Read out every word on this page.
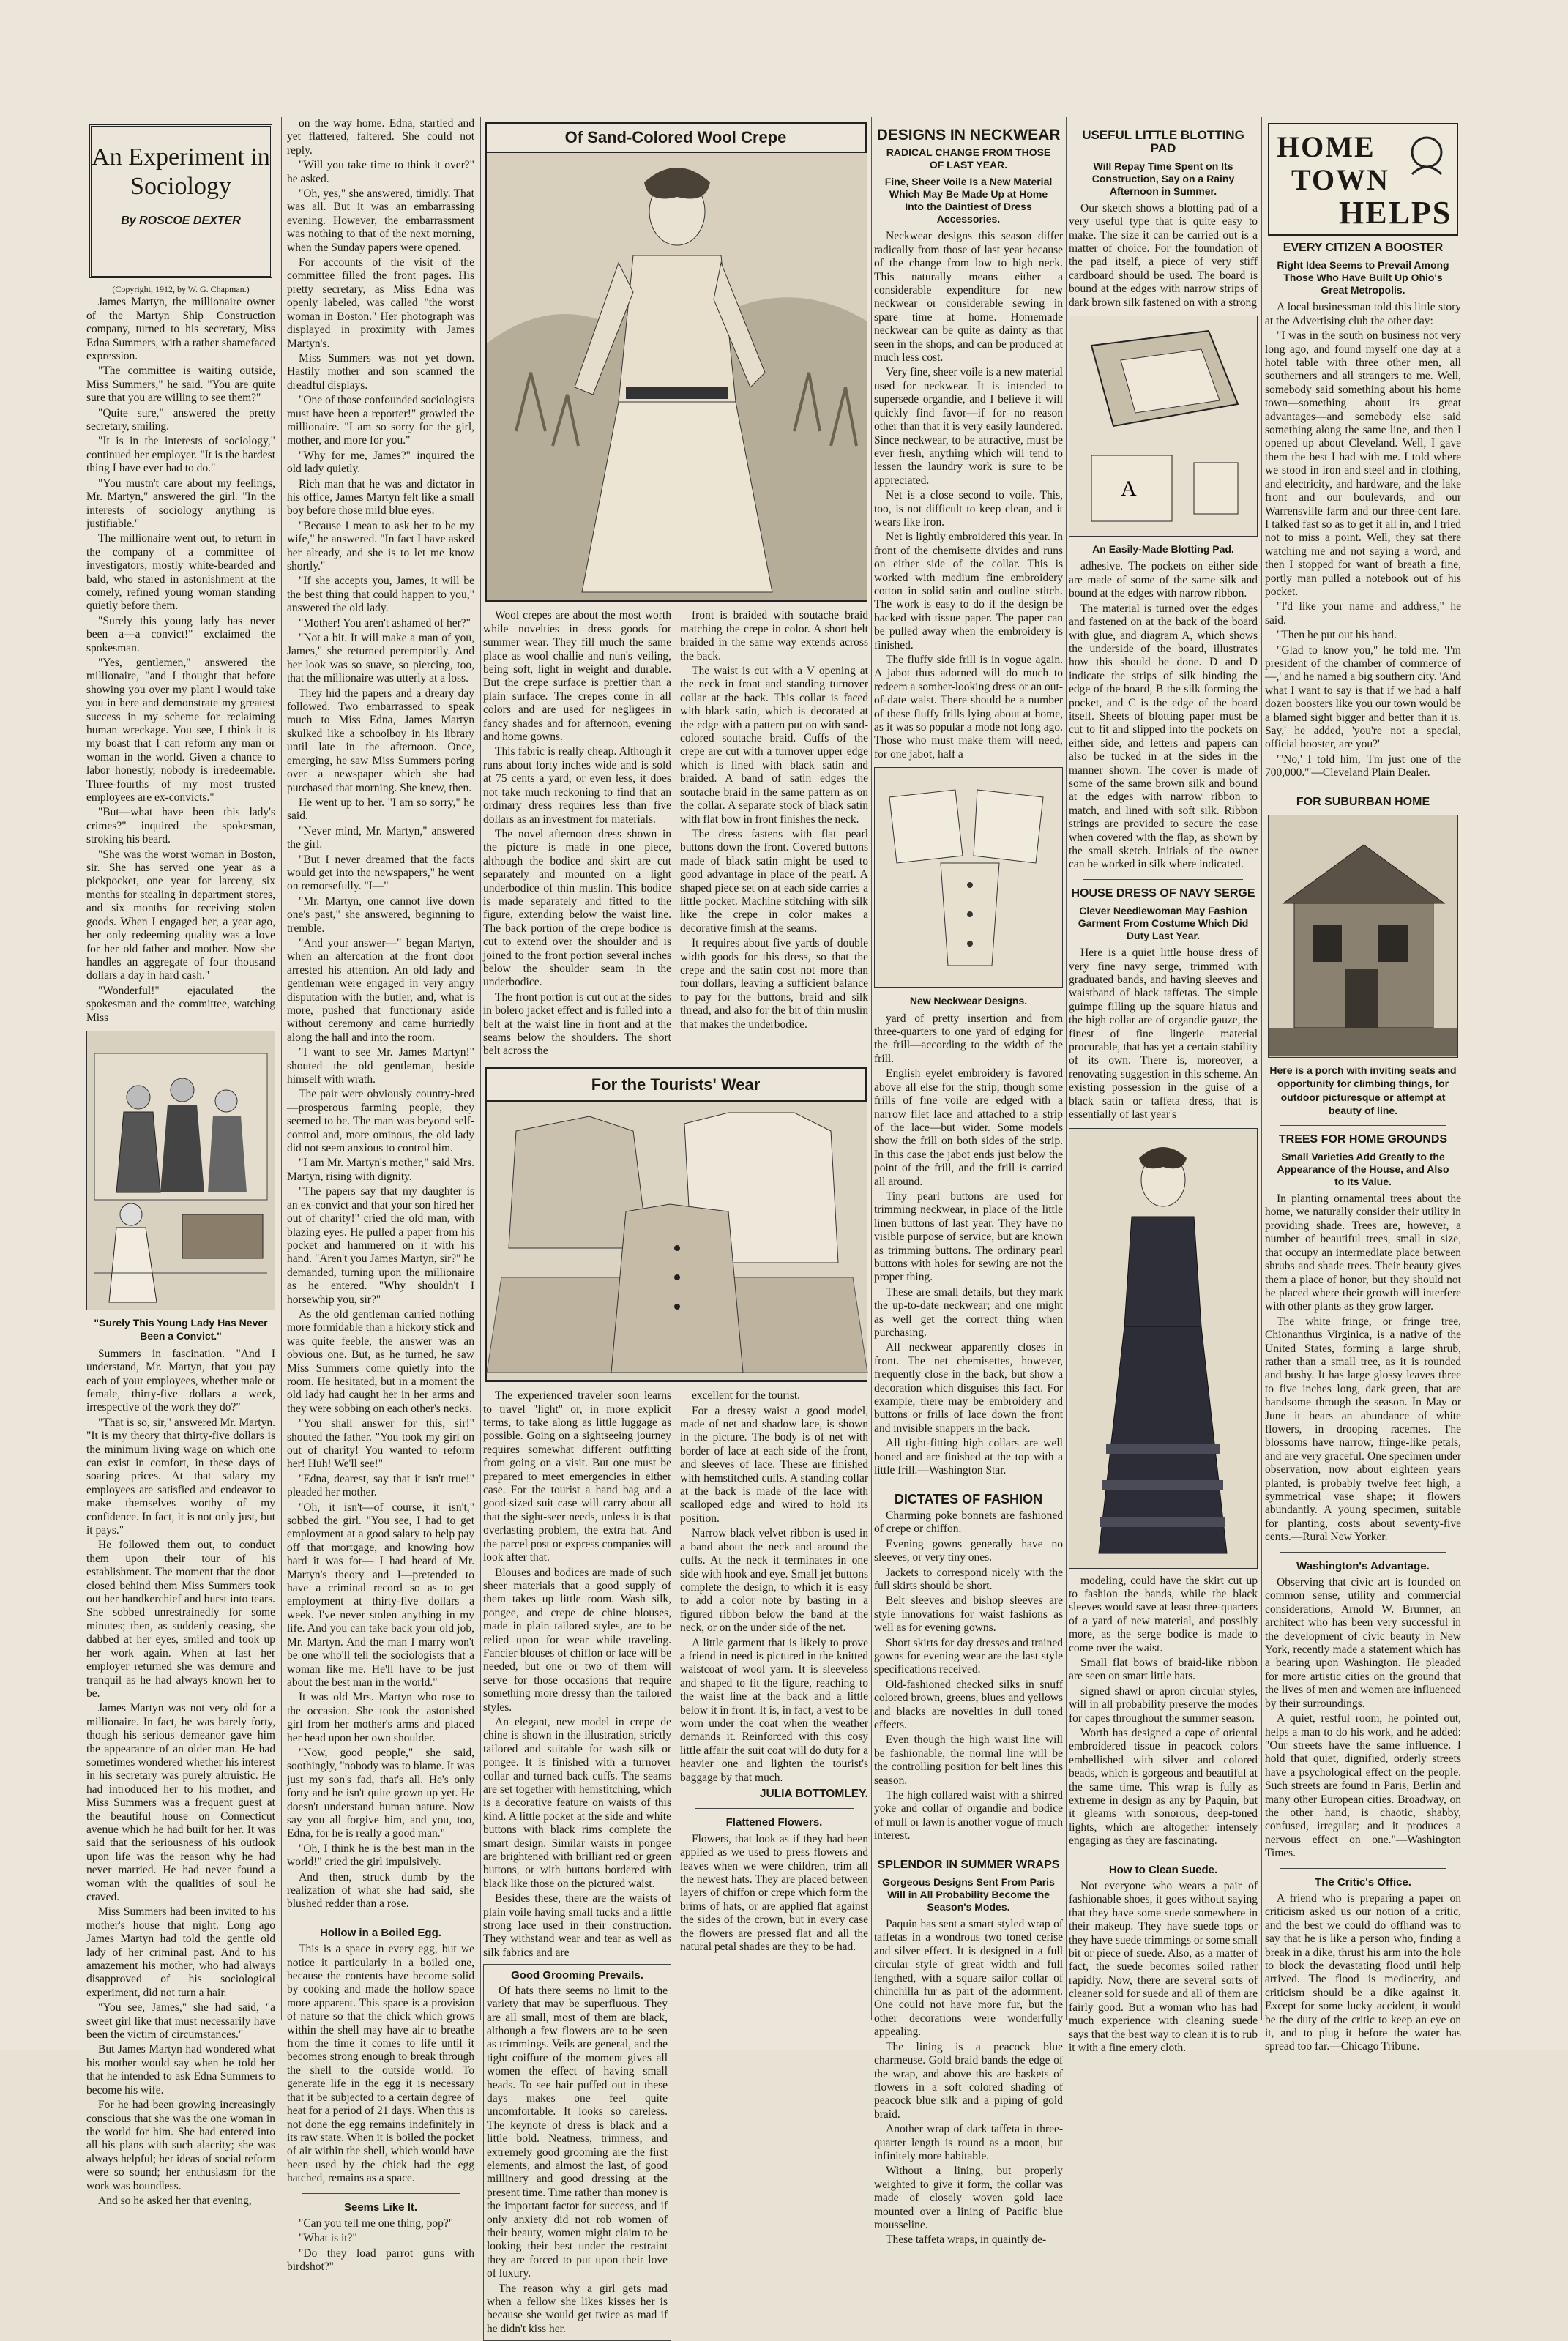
An Experiment in Sociology
By ROSCOE DEXTER
(Copyright, 1912, by W. G. Chapman.)

James Martyn, the millionaire owner of the Martyn Ship Construction company, turned to his secretary, Miss Edna Summers, with a rather shamefaced expression.

"The committee is waiting outside, Miss Summers," he said. "You are quite sure that you are willing to see them?"

"Quite sure," answered the pretty secretary, smiling.

"It is in the interests of sociology," continued her employer. "It is the hardest thing I have ever had to do."

"You mustn't care about my feelings, Mr. Martyn," answered the girl. "In the interests of sociology anything is justifiable."

The millionaire went out, to return in the company of a committee of investigators, mostly white-bearded and bald, who stared in astonishment at the comely, refined young woman standing quietly before them.

"Surely this young lady has never been a—a convict!" exclaimed the spokesman.

"Yes, gentlemen," answered the millionaire, "and I thought that before showing you over my plant I would take you in here and demonstrate my greatest success in my scheme for reclaiming human wreckage. You see, I think it is my boast that I can reform any man or woman in the world. Given a chance to labor honestly, nobody is irredeemable. Three-fourths of my most trusted employees are ex-convicts."

"But—what have been this lady's crimes?" inquired the spokesman, stroking his beard.

"She was the worst woman in Boston, sir. She has served one year as a pickpocket, one year for larceny, six months for stealing in department stores, and six months for receiving stolen goods. When I engaged her, a year ago, her only redeeming quality was a love for her old father and mother. Now she handles an aggregate of four thousand dollars a day in hard cash."

"Wonderful!" ejaculated the spokesman and the committee, watching Miss

"Surely This Young Lady Has Never Been a Convict."

Summers in fascination. "And I understand, Mr. Martyn, that you pay each of your employees, whether male or female, thirty-five dollars a week, irrespective of the work they do?"

"That is so, sir," answered Mr. Martyn. "It is my theory that thirty-five dollars is the minimum living wage on which one can exist in comfort, in these days of soaring prices. At that salary my employees are satisfied and endeavor to make themselves worthy of my confidence. In fact, it is not only just, but it pays."

He followed them out, to conduct them upon their tour of his establishment. The moment that the door closed behind them Miss Summers took out her handkerchief and burst into tears. She sobbed unrestrainedly for some minutes; then, as suddenly ceasing, she dabbed at her eyes, smiled and took up her work again. When at last her employer returned she was demure and tranquil as he had always known her to be.

James Martyn was not very old for a millionaire. In fact, he was barely forty, though his serious demeanor gave him the appearance of an older man. He had sometimes wondered whether his interest in his secretary was purely altruistic. He had introduced her to his mother, and Miss Summers was a frequent guest at the beautiful house on Connecticut avenue which he had built for her. It was said that the seriousness of his outlook upon life was the reason why he had never married. He had never found a woman with the qualities of soul he craved.

Miss Summers had been invited to his mother's house that night. Long ago James Martyn had told the gentle old lady of her criminal past. And to his amazement his mother, who had always disapproved of his sociological experiment, did not turn a hair.

"You see, James," she had said, "a sweet girl like that must necessarily have been the victim of circumstances."

But James Martyn had wondered what his mother would say when he told her that he intended to ask Edna Summers to become his wife.

For he had been growing increasingly conscious that she was the one woman in the world for him. She had entered into all his plans with such alacrity; she was always helpful; her ideas of social reform were so sound; her enthusiasm for the work was boundless.

And so he asked her that evening,

on the way home. Edna, startled and yet flattered, faltered. She could not reply.

"Will you take time to think it over?" he asked.

"Oh, yes," she answered, timidly. That was all. But it was an embarrassing evening. However, the embarrassment was nothing to that of the next morning, when the Sunday papers were opened.

For accounts of the visit of the committee filled the front pages. His pretty secretary, as Miss Edna was openly labeled, was called "the worst woman in Boston." Her photograph was displayed in proximity with James Martyn's.

Miss Summers was not yet down. Hastily mother and son scanned the dreadful displays.

"One of those confounded sociologists must have been a reporter!" growled the millionaire. "I am so sorry for the girl, mother, and more for you."

"Why for me, James?" inquired the old lady quietly.

Rich man that he was and dictator in his office, James Martyn felt like a small boy before those mild blue eyes.

"Because I mean to ask her to be my wife," he answered. "In fact I have asked her already, and she is to let me know shortly."

"If she accepts you, James, it will be the best thing that could happen to you," answered the old lady.

"Mother! You aren't ashamed of her?"

"Not a bit. It will make a man of you, James," she returned peremptorily. And her look was so suave, so piercing, too, that the millionaire was utterly at a loss.

They hid the papers and a dreary day followed. Two embarrassed to speak much to Miss Edna, James Martyn skulked like a schoolboy in his library until late in the afternoon. Once, emerging, he saw Miss Summers poring over a newspaper which she had purchased that morning. She knew, then.

He went up to her. "I am so sorry," he said.

"Never mind, Mr. Martyn," answered the girl.

"But I never dreamed that the facts would get into the newspapers," he went on remorsefully. "I—"

"Mr. Martyn, one cannot live down one's past," she answered, beginning to tremble.

"And your answer—" began Martyn, when an altercation at the front door arrested his attention. An old lady and gentleman were engaged in very angry disputation with the butler, and, what is more, pushed that functionary aside without ceremony and came hurriedly along the hall and into the room.

"I want to see Mr. James Martyn!" shouted the old gentleman, beside himself with wrath.

The pair were obviously country-bred—prosperous farming people, they seemed to be. The man was beyond self-control and, more ominous, the old lady did not seem anxious to control him.

"I am Mr. Martyn's mother," said Mrs. Martyn, rising with dignity.

"The papers say that my daughter is an ex-convict and that your son hired her out of charity!" cried the old man, with blazing eyes. He pulled a paper from his pocket and hammered on it with his hand. "Aren't you James Martyn, sir?" he demanded, turning upon the millionaire as he entered. "Why shouldn't I horsewhip you, sir?"

As the old gentleman carried nothing more formidable than a hickory stick and was quite feeble, the answer was an obvious one. But, as he turned, he saw Miss Summers come quietly into the room. He hesitated, but in a moment the old lady had caught her in her arms and they were sobbing on each other's necks.

"You shall answer for this, sir!" shouted the father. "You took my girl on out of charity! You wanted to reform her! Huh! We'll see!"

"Edna, dearest, say that it isn't true!" pleaded her mother.

"Oh, it isn't—of course, it isn't," sobbed the girl. "You see, I had to get employment at a good salary to help pay off that mortgage, and knowing how hard it was for— I had heard of Mr. Martyn's theory and I—pretended to have a criminal record so as to get employment at thirty-five dollars a week. I've never stolen anything in my life. And you can take back your old job, Mr. Martyn. And the man I marry won't be one who'll tell the sociologists that a woman like me. He'll have to be just about the best man in the world."

It was old Mrs. Martyn who rose to the occasion. She took the astonished girl from her mother's arms and placed her head upon her own shoulder.

"Now, good people," she said, soothingly, "nobody was to blame. It was just my son's fad, that's all. He's only forty and he isn't quite grown up yet. He doesn't understand human nature. Now say you all forgive him, and you, too, Edna, for he is really a good man."

"Oh, I think he is the best man in the world!" cried the girl impulsively.

And then, struck dumb by the realization of what she had said, she blushed redder than a rose.

Hollow in a Boiled Egg.

This is a space in every egg, but we notice it particularly in a boiled one, because the contents have become solid by cooking and made the hollow space more apparent. This space is a provision of nature so that the chick which grows within the shell may have air to breathe from the time it comes to life until it becomes strong enough to break through the shell to the outside world. To generate life in the egg it is necessary that it be subjected to a certain degree of heat for a period of 21 days. When this is not done the egg remains indefinitely in its raw state. When it is boiled the pocket of air within the shell, which would have been used by the chick had the egg hatched, remains as a space.

Seems Like It.

"Can you tell me one thing, pop?"

"What is it?"

"Do they load parrot guns with birdshot?"

Of Sand-Colored Wool Crepe

Wool crepes are about the most worth while novelties in dress goods for summer wear. They fill much the same place as wool challie and nun's veiling, being soft, light in weight and durable. But the crepe surface is prettier than a plain surface. The crepes come in all colors and are used for negligees in fancy shades and for afternoon, evening and home gowns.

This fabric is really cheap. Although it runs about forty inches wide and is sold at 75 cents a yard, or even less, it does not take much reckoning to find that an ordinary dress requires less than five dollars as an investment for materials.

The novel afternoon dress shown in the picture is made in one piece, although the bodice and skirt are cut separately and mounted on a light underbodice of thin muslin. This bodice is made separately and fitted to the figure, extending below the waist line. The back portion of the crepe bodice is cut to extend over the shoulder and is joined to the front portion several inches below the shoulder seam in the underbodice.

The front portion is cut out at the sides in bolero jacket effect and is fulled into a belt at the waist line in front and at the seams below the shoulders. The short belt across the

front is braided with soutache braid matching the crepe in color. A short belt braided in the same way extends across the back.

The waist is cut with a V opening at the neck in front and standing turnover collar at the back. This collar is faced with black satin, which is decorated at the edge with a pattern put on with sand-colored soutache braid. Cuffs of the crepe are cut with a turnover upper edge which is lined with black satin and braided. A band of satin edges the soutache braid in the same pattern as on the collar. A separate stock of black satin with flat bow in front finishes the neck.

The dress fastens with flat pearl buttons down the front. Covered buttons made of black satin might be used to good advantage in place of the pearl. A shaped piece set on at each side carries a little pocket. Machine stitching with silk like the crepe in color makes a decorative finish at the seams.

It requires about five yards of double width goods for this dress, so that the crepe and the satin cost not more than four dollars, leaving a sufficient balance to pay for the buttons, braid and silk thread, and also for the bit of thin muslin that makes the underbodice.

For the Tourists' Wear

The experienced traveler soon learns to travel "light" or, in more explicit terms, to take along as little luggage as possible. Going on a sightseeing journey requires somewhat different outfitting from going on a visit. But one must be prepared to meet emergencies in either case. For the tourist a hand bag and a good-sized suit case will carry about all that the sight-seer needs, unless it is that overlasting problem, the extra hat. And the parcel post or express companies will look after that.

Blouses and bodices are made of such sheer materials that a good supply of them takes up little room. Wash silk, pongee, and crepe de chine blouses, made in plain tailored styles, are to be relied upon for wear while traveling. Fancier blouses of chiffon or lace will be needed, but one or two of them will serve for those occasions that require something more dressy than the tailored styles.

An elegant, new model in crepe de chine is shown in the illustration, strictly tailored and suitable for wash silk or pongee. It is finished with a turnover collar and turned back cuffs. The seams are set together with hemstitching, which is a decorative feature on waists of this kind. A little pocket at the side and white buttons with black rims complete the smart design. Similar waists in pongee are brightened with brilliant red or green buttons, or with buttons bordered with black like those on the pictured waist.

Besides these, there are the waists of plain voile having small tucks and a little strong lace used in their construction. They withstand wear and tear as well as silk fabrics and are

Good Grooming Prevails.

Of hats there seems no limit to the variety that may be superfluous. They are all small, most of them are black, although a few flowers are to be seen as trimmings. Veils are general, and the tight coiffure of the moment gives all women the effect of having small heads. To see hair puffed out in these days makes one feel quite uncomfortable. It looks so careless. The keynote of dress is black and a little bold. Neatness, trimness, and extremely good grooming are the first elements, and almost the last, of good millinery and good dressing at the present time. Time rather than money is the important factor for success, and if only anxiety did not rob women of their beauty, women might claim to be looking their best under the restraint they are forced to put upon their love of luxury.

The reason why a girl gets mad when a fellow she likes kisses her is because she would get twice as mad if he didn't kiss her.

excellent for the tourist.

For a dressy waist a good model, made of net and shadow lace, is shown in the picture. The body is of net with border of lace at each side of the front, and sleeves of lace. These are finished with hemstitched cuffs. A standing collar at the back is made of the lace with scalloped edge and wired to hold its position.

Narrow black velvet ribbon is used in a band about the neck and around the cuffs. At the neck it terminates in one side with hook and eye. Small jet buttons complete the design, to which it is easy to add a color note by basting in a figured ribbon below the band at the neck, or on the under side of the net.

A little garment that is likely to prove a friend in need is pictured in the knitted waistcoat of wool yarn. It is sleeveless and shaped to fit the figure, reaching to the waist line at the back and a little below it in front. It is, in fact, a vest to be worn under the coat when the weather demands it. Reinforced with this cosy little affair the suit coat will do duty for a heavier one and lighten the tourist's baggage by that much.

JULIA BOTTOMLEY.
Flattened Flowers.

Flowers, that look as if they had been applied as we used to press flowers and leaves when we were children, trim all the newest hats. They are placed between layers of chiffon or crepe which form the brims of hats, or are applied flat against the sides of the crown, but in every case the flowers are pressed flat and all the natural petal shades are they to be had.

DESIGNS IN NECKWEAR
RADICAL CHANGE FROM THOSE OF LAST YEAR.
Fine, Sheer Voile Is a New Material Which May Be Made Up at Home Into the Daintiest of Dress Accessories.

Neckwear designs this season differ radically from those of last year because of the change from low to high neck. This naturally means either a considerable expenditure for new neckwear or considerable sewing in spare time at home. Homemade neckwear can be quite as dainty as that seen in the shops, and can be produced at much less cost.

Very fine, sheer voile is a new material used for neckwear. It is intended to supersede organdie, and I believe it will quickly find favor—if for no reason other than that it is very easily laundered. Since neckwear, to be attractive, must be ever fresh, anything which will tend to lessen the laundry work is sure to be appreciated.

Net is a close second to voile. This, too, is not difficult to keep clean, and it wears like iron.

Net is lightly embroidered this year. In front of the chemisette divides and runs on either side of the collar. This is worked with medium fine embroidery cotton in solid satin and outline stitch. The work is easy to do if the design be backed with tissue paper. The paper can be pulled away when the embroidery is finished.

The fluffy side frill is in vogue again. A jabot thus adorned will do much to redeem a somber-looking dress or an out-of-date waist. There should be a number of these fluffy frills lying about at home, as it was so popular a mode not long ago. Those who must make them will need, for one jabot, half a

New Neckwear Designs.

yard of pretty insertion and from three-quarters to one yard of edging for the frill—according to the width of the frill.

English eyelet embroidery is favored above all else for the strip, though some frills of fine voile are edged with a narrow filet lace and attached to a strip of the lace—but wider. Some models show the frill on both sides of the strip. In this case the jabot ends just below the point of the frill, and the frill is carried all around.

Tiny pearl buttons are used for trimming neckwear, in place of the little linen buttons of last year. They have no visible purpose of service, but are known as trimming buttons. The ordinary pearl buttons with holes for sewing are not the proper thing.

These are small details, but they mark the up-to-date neckwear; and one might as well get the correct thing when purchasing.

All neckwear apparently closes in front. The net chemisettes, however, frequently close in the back, but show a decoration which disguises this fact. For example, there may be embroidery and buttons or frills of lace down the front and invisible snappers in the back.

All tight-fitting high collars are well boned and are finished at the top with a little frill.—Washington Star.

DICTATES OF FASHION

Charming poke bonnets are fashioned of crepe or chiffon.

Evening gowns generally have no sleeves, or very tiny ones.

Jackets to correspond nicely with the full skirts should be short.

Belt sleeves and bishop sleeves are style innovations for waist fashions as well as for evening gowns.

Short skirts for day dresses and trained gowns for evening wear are the last style specifications received.

Old-fashioned checked silks in snuff colored brown, greens, blues and yellows and blacks are novelties in dull toned effects.

Even though the high waist line will be fashionable, the normal line will be the controlling position for belt lines this season.

The high collared waist with a shirred yoke and collar of organdie and bodice of mull or lawn is another vogue of much interest.

SPLENDOR IN SUMMER WRAPS
Gorgeous Designs Sent From Paris Will in All Probability Become the Season's Modes.

Paquin has sent a smart styled wrap of taffetas in a wondrous two toned cerise and silver effect. It is designed in a full circular style of great width and full lengthed, with a square sailor collar of chinchilla fur as part of the adornment. One could not have more fur, but the other decorations were wonderfully appealing.

The lining is a peacock blue charmeuse. Gold braid bands the edge of the wrap, and above this are baskets of flowers in a soft colored shading of peacock blue silk and a piping of gold braid.

Another wrap of dark taffeta in three-quarter length is round as a moon, but infinitely more habitable.

Without a lining, but properly weighted to give it form, the collar was made of closely woven gold lace mounted over a lining of Pacific blue mousseline.

These taffeta wraps, in quaintly de-

USEFUL LITTLE BLOTTING PAD
Will Repay Time Spent on Its Construction, Say on a Rainy Afternoon in Summer.

Our sketch shows a blotting pad of a very useful type that is quite easy to make. The size it can be carried out is a matter of choice. For the foundation of the pad itself, a piece of very stiff cardboard should be used. The board is bound at the edges with narrow strips of dark brown silk fastened on with a strong

A
An Easily-Made Blotting Pad.

adhesive. The pockets on either side are made of some of the same silk and bound at the edges with narrow ribbon.

The material is turned over the edges and fastened on at the back of the board with glue, and diagram A, which shows the underside of the board, illustrates how this should be done. D and D indicate the strips of silk binding the edge of the board, B the silk forming the pocket, and C is the edge of the board itself. Sheets of blotting paper must be cut to fit and slipped into the pockets on either side, and letters and papers can also be tucked in at the sides in the manner shown. The cover is made of some of the same brown silk and bound at the edges with narrow ribbon to match, and lined with soft silk. Ribbon strings are provided to secure the case when covered with the flap, as shown by the small sketch. Initials of the owner can be worked in silk where indicated.

HOUSE DRESS OF NAVY SERGE
Clever Needlewoman May Fashion Garment From Costume Which Did Duty Last Year.

Here is a quiet little house dress of very fine navy serge, trimmed with graduated bands, and having sleeves and waistband of black taffetas. The simple guimpe filling up the square hiatus and the high collar are of organdie gauze, the finest of fine lingerie material procurable, that has yet a certain stability of its own. There is, moreover, a renovating suggestion in this scheme. An existing possession in the guise of a black satin or taffeta dress, that is essentially of last year's

modeling, could have the skirt cut up to fashion the bands, while the black sleeves would save at least three-quarters of a yard of new material, and possibly more, as the serge bodice is made to come over the waist.

Small flat bows of braid-like ribbon are seen on smart little hats.

signed shawl or apron circular styles, will in all probability preserve the modes for capes throughout the summer season.

Worth has designed a cape of oriental embroidered tissue in peacock colors embellished with silver and colored beads, which is gorgeous and beautiful at the same time. This wrap is fully as extreme in design as any by Paquin, but it gleams with sonorous, deep-toned lights, which are altogether intensely engaging as they are fascinating.

How to Clean Suede.

Not everyone who wears a pair of fashionable shoes, it goes without saying that they have some suede somewhere in their makeup. They have suede tops or they have suede trimmings or some small bit or piece of suede. Also, as a matter of fact, the suede becomes soiled rather rapidly. Now, there are several sorts of cleaner sold for suede and all of them are fairly good. But a woman who has had much experience with cleaning suede says that the best way to clean it is to rub it with a fine emery cloth.

HOME
TOWN
HELPS
EVERY CITIZEN A BOOSTER
Right Idea Seems to Prevail Among Those Who Have Built Up Ohio's Great Metropolis.

A local businessman told this little story at the Advertising club the other day:

"I was in the south on business not very long ago, and found myself one day at a hotel table with three other men, all southerners and all strangers to me. Well, somebody said something about his home town—something about its great advantages—and somebody else said something along the same line, and then I opened up about Cleveland. Well, I gave them the best I had with me. I told where we stood in iron and steel and in clothing, and electricity, and hardware, and the lake front and our boulevards, and our Warrensville farm and our three-cent fare. I talked fast so as to get it all in, and I tried not to miss a point. Well, they sat there watching me and not saying a word, and then I stopped for want of breath a fine, portly man pulled a notebook out of his pocket.

"I'd like your name and address," he said.

"Then he put out his hand.

"Glad to know you," he told me. 'I'm president of the chamber of commerce of —,' and he named a big southern city. 'And what I want to say is that if we had a half dozen boosters like you our town would be a blamed sight bigger and better than it is. Say,' he added, 'you're not a special, official booster, are you?'

"'No,' I told him, 'I'm just one of the 700,000.'"—Cleveland Plain Dealer.

FOR SUBURBAN HOME
Here is a porch with inviting seats and opportunity for climbing things, for outdoor picturesque or attempt at beauty of line.
TREES FOR HOME GROUNDS
Small Varieties Add Greatly to the Appearance of the House, and Also to Its Value.

In planting ornamental trees about the home, we naturally consider their utility in providing shade. Trees are, however, a number of beautiful trees, small in size, that occupy an intermediate place between shrubs and shade trees. Their beauty gives them a place of honor, but they should not be placed where their growth will interfere with other plants as they grow larger.

The white fringe, or fringe tree, Chionanthus Virginica, is a native of the United States, forming a large shrub, rather than a small tree, as it is rounded and bushy. It has large glossy leaves three to five inches long, dark green, that are handsome through the season. In May or June it bears an abundance of white flowers, in drooping racemes. The blossoms have narrow, fringe-like petals, and are very graceful. One specimen under observation, now about eighteen years planted, is probably twelve feet high, a symmetrical vase shape; it flowers abundantly. A young specimen, suitable for planting, costs about seventy-five cents.—Rural New Yorker.

Washington's Advantage.

Observing that civic art is founded on common sense, utility and commercial considerations, Arnold W. Brunner, an architect who has been very successful in the development of civic beauty in New York, recently made a statement which has a bearing upon Washington. He pleaded for more artistic cities on the ground that the lives of men and women are influenced by their surroundings.

A quiet, restful room, he pointed out, helps a man to do his work, and he added: "Our streets have the same influence. I hold that quiet, dignified, orderly streets have a psychological effect on the people. Such streets are found in Paris, Berlin and many other European cities. Broadway, on the other hand, is chaotic, shabby, confused, irregular; and it produces a nervous effect on one."—Washington Times.

The Critic's Office.

A friend who is preparing a paper on criticism asked us our notion of a critic, and the best we could do offhand was to say that he is like a person who, finding a break in a dike, thrust his arm into the hole to block the devastating flood until help arrived. The flood is mediocrity, and criticism should be a dike against it. Except for some lucky accident, it would be the duty of the critic to keep an eye on it, and to plug it before the water has spread too far.—Chicago Tribune.
